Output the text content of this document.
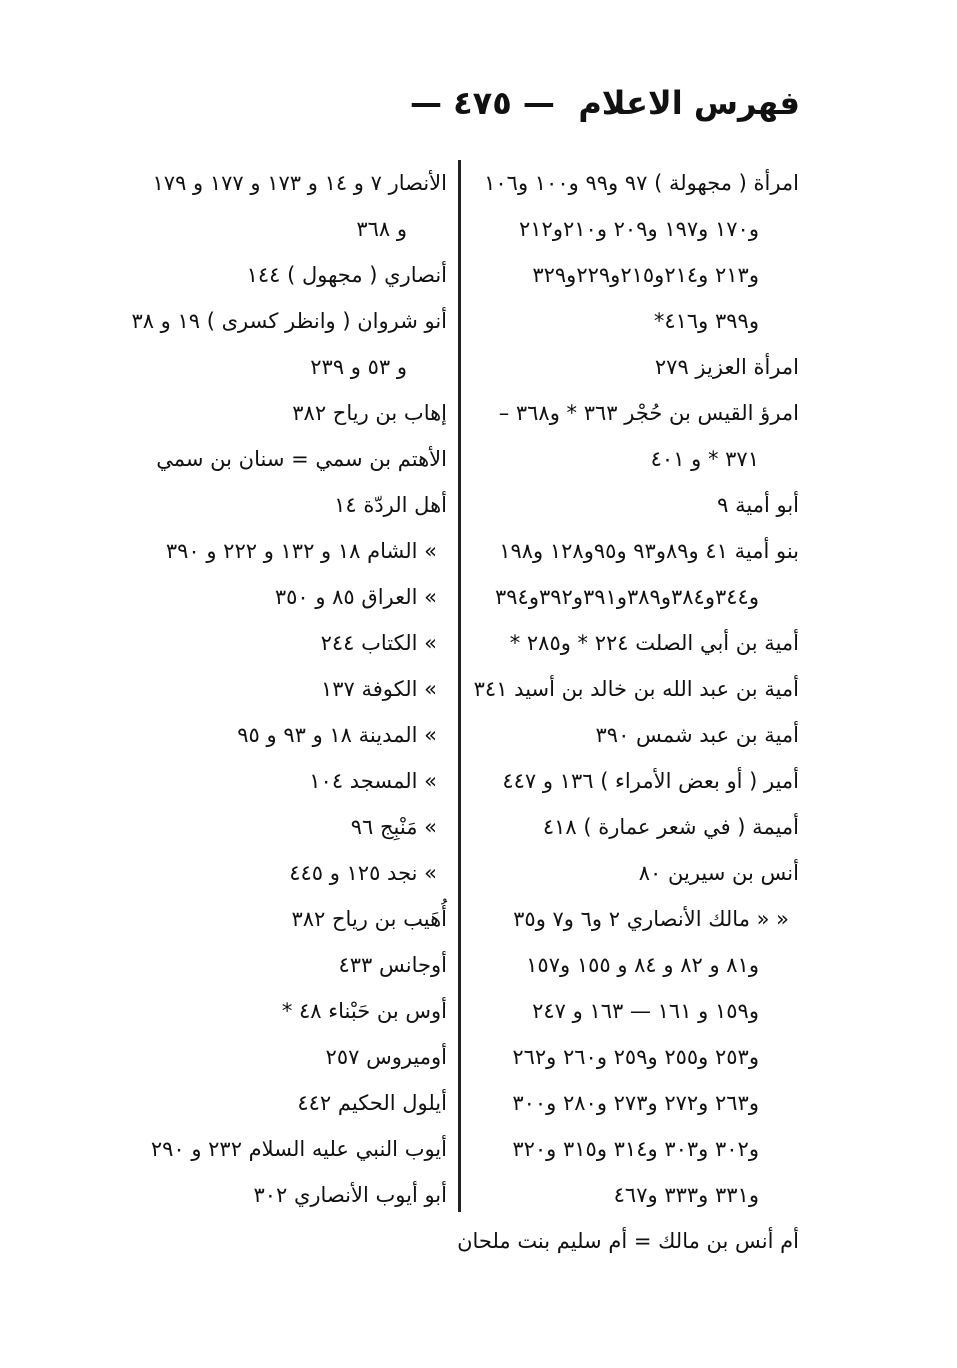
— ٤٧٥ — فهرس الاعلام
امرأة ( مجهولة ) ٩٧ و٩٩ و١٠٠ و١٠٦
و١٧٠ و١٩٧ و٢٠٩ و٢١٠و٢١٢
و٢١٣ و٢١٤و٢١٥و٢٢٩و٣٢٩
و٣٩٩ و٤١٦*
امرأة العزيز ٢٧٩
امرؤ القيس بن حُجْر ٣٦٣ * و٣٦٨ –
٣٧١ * و ٤٠١
أبو أمية ٩
بنو أمية ٤١ و٨٩و٩٣ و٩٥و١٢٨ و١٩٨
و٣٤٤و٣٨٤و٣٨٩و٣٩١و٣٩٢و٣٩٤
أمية بن أبي الصلت ٢٢٤ * و٢٨٥ *
أمية بن عبد الله بن خالد بن أسيد ٣٤١
أمية بن عبد شمس ٣٩٠
أمير ( أو بعض الأمراء ) ١٣٦ و ٤٤٧
أميمة ( في شعر عمارة ) ٤١٨
أنس بن سيرين ٨٠
« « مالك الأنصاري ٢ و٦ و٧ و٣٥
و٨١ و ٨٢ و ٨٤ و ١٥٥ و١٥٧
و١٥٩ و ١٦١ — ١٦٣ و ٢٤٧
و٢٥٣ و٢٥٥ و٢٥٩ و٢٦٠ و٢٦٢
و٢٦٣ و٢٧٢ و٢٧٣ و٢٨٠ و٣٠٠
و٣٠٢ و٣٠٣ و٣١٤ و٣١٥ و٣٢٠
و٣٣١ و٣٣٣ و٤٦٧
أم أنس بن مالك = أم سليم بنت ملحان
الأنصار ٧ و ١٤ و ١٧٣ و ١٧٧ و ١٧٩
و ٣٦٨
أنصاري ( مجهول ) ١٤٤
أنو شروان ( وانظر كسرى ) ١٩ و ٣٨
و ٥٣ و ٢٣٩
إهاب بن رياح ٣٨٢
الأهتم بن سمي = سنان بن سمي
أهل الردّة ١٤
» الشام ١٨ و ١٣٢ و ٢٢٢ و ٣٩٠
» العراق ٨٥ و ٣٥٠
» الكتاب ٢٤٤
» الكوفة ١٣٧
» المدينة ١٨ و ٩٣ و ٩٥
» المسجد ١٠٤
» مَنْبِج ٩٦
» نجد ١٢٥ و ٤٤٥
أُهَيب بن رياح ٣٨٢
أوجانس ٤٣٣
أوس بن حَبْناء ٤٨ *
أوميروس ٢٥٧
أيلول الحكيم ٤٤٢
أيوب النبي عليه السلام ٢٣٢ و ٢٩٠
أبو أيوب الأنصاري ٣٠٢
